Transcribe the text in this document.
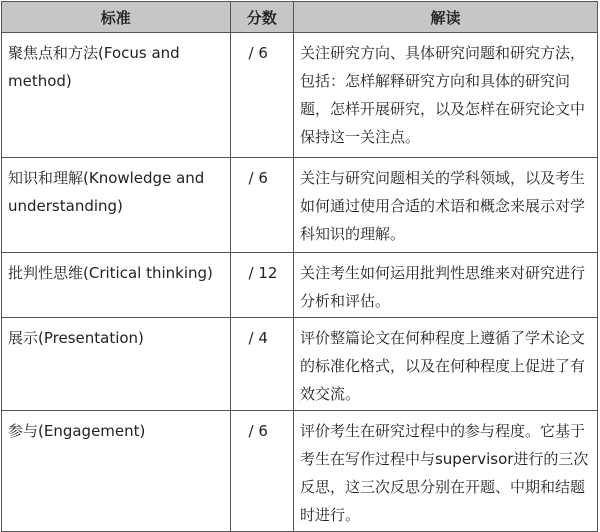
标准	分数	解读
聚焦点和方法(Focus and method)	/ 6	关注研究方向、具体研究问题和研究方法，包括：怎样解释研究方向和具体的研究问题，怎样开展研究，以及怎样在研究论文中保持这一关注点。
知识和理解(Knowledge and understanding)	/ 6	关注与研究问题相关的学科领域，以及考生如何通过使用合适的术语和概念来展示对学科知识的理解。
批判性思维(Critical thinking)	/ 12	关注考生如何运用批判性思维来对研究进行分析和评估。
展示(Presentation)	/ 4	评价整篇论文在何种程度上遵循了学术论文的标准化格式，以及在何种程度上促进了有效交流。
参与(Engagement)	/ 6	评价考生在研究过程中的参与程度。它基于考生在写作过程中与supervisor进行的三次反思，这三次反思分别在开题、中期和结题时进行。
